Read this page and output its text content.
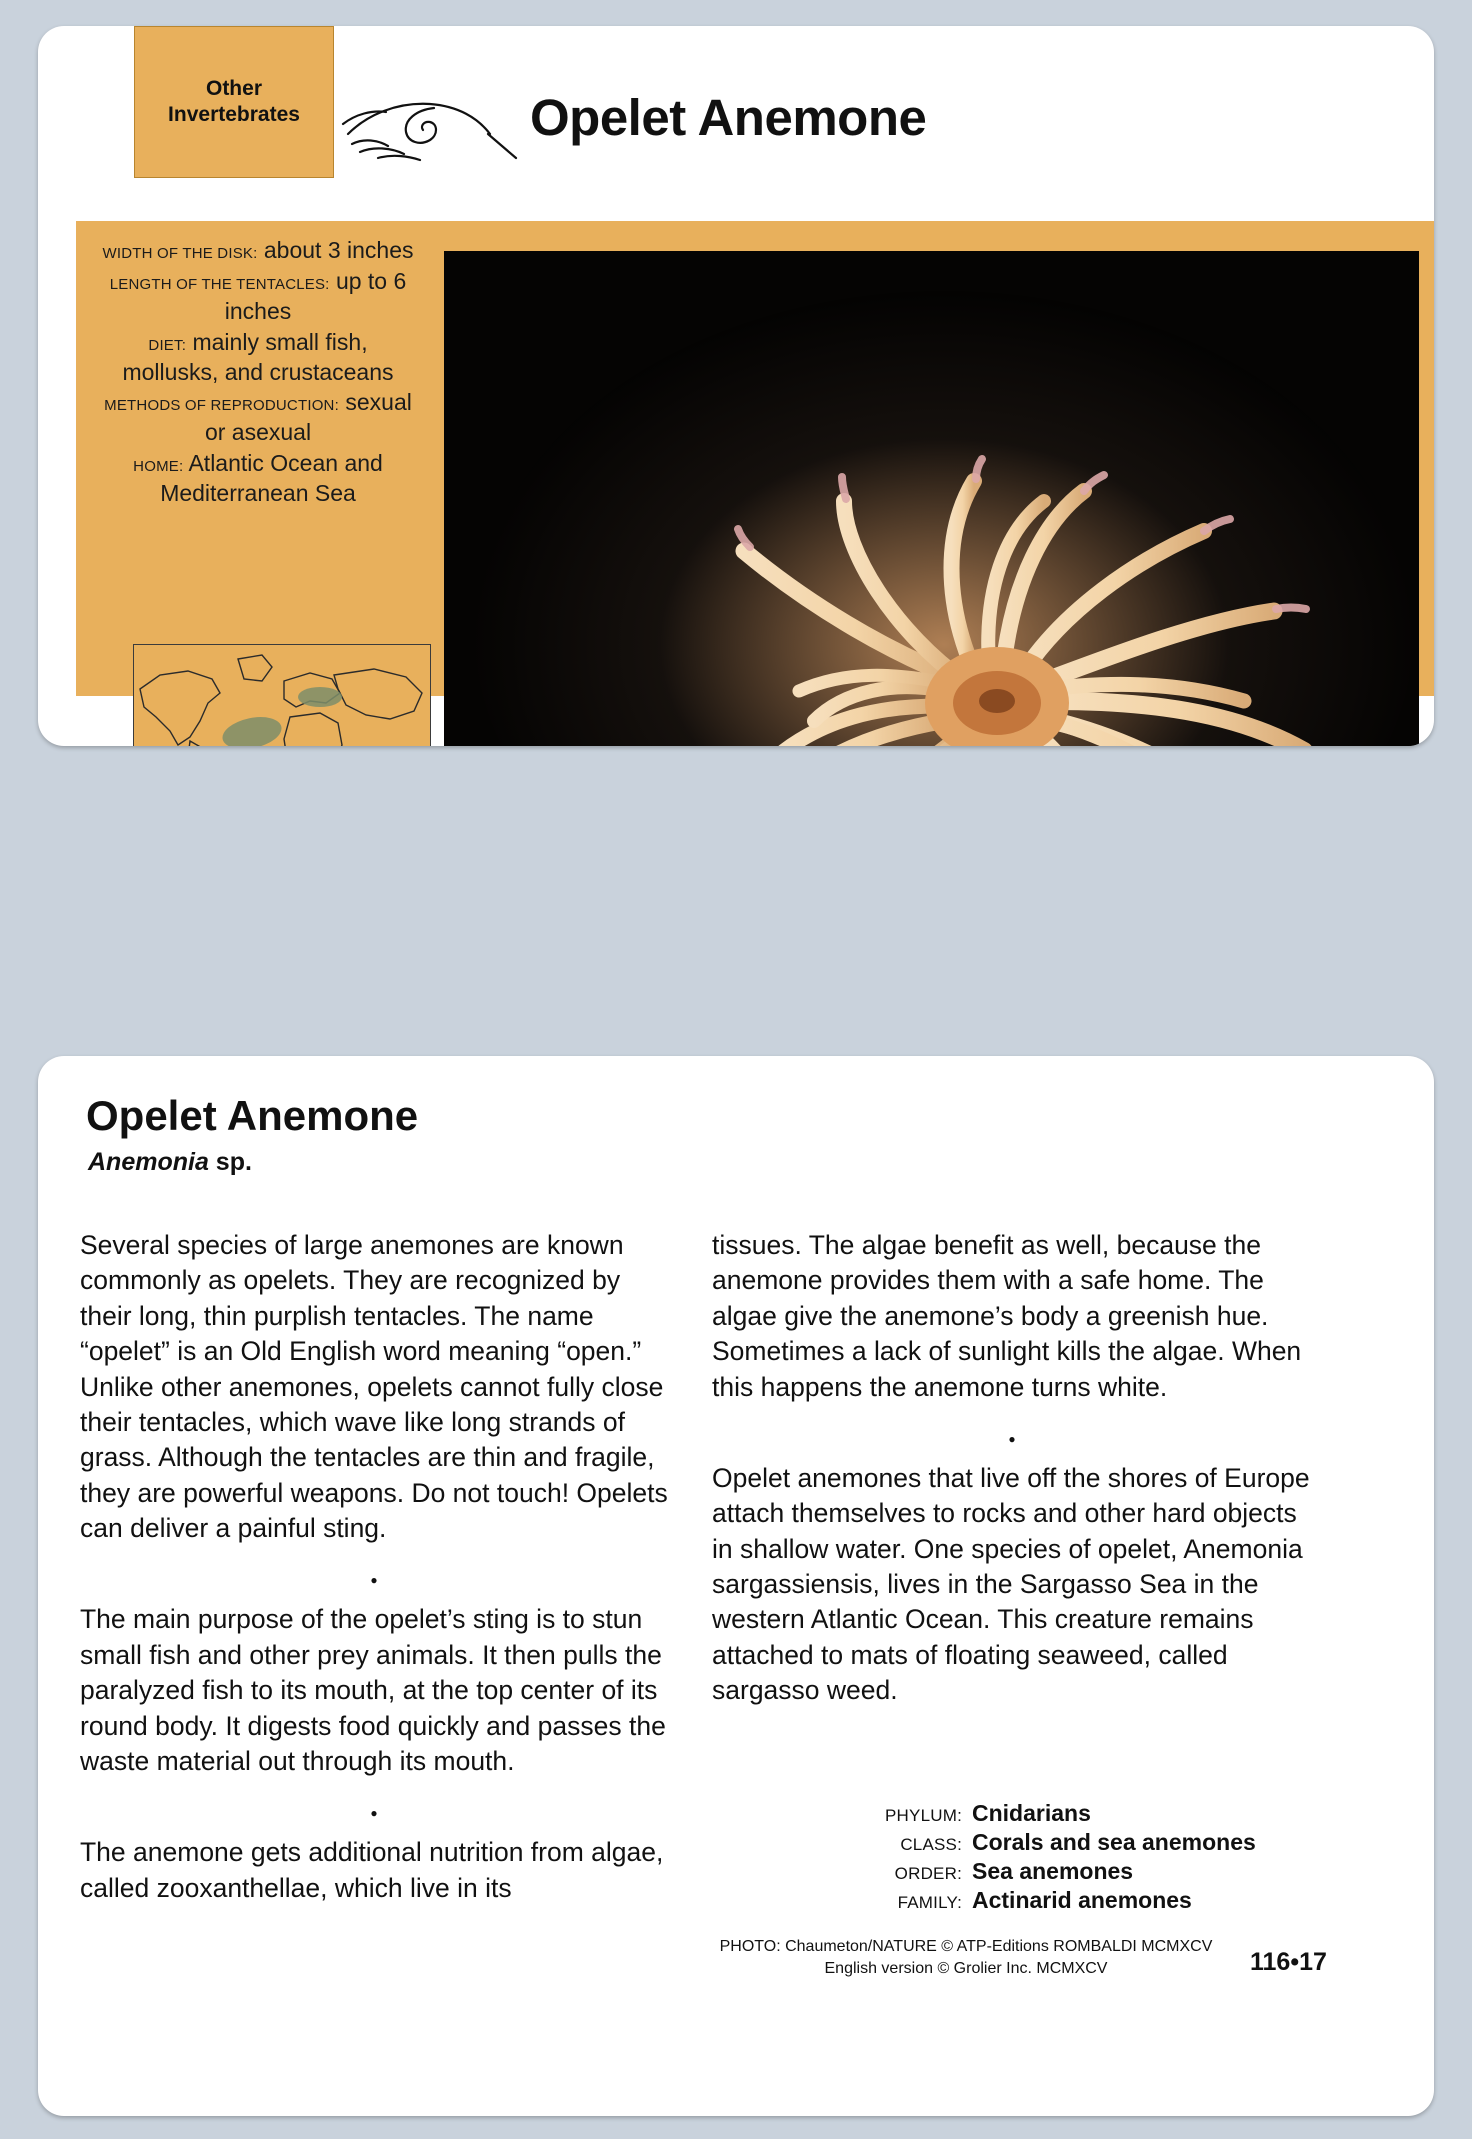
Other
Invertebrates	Opelet Anemone
WIDTH OF THE DISK: about 3 inches
LENGTH OF THE TENTACLES: up to 6 inches
DIET: mainly small fish, mollusks, and crustaceans
METHODS OF REPRODUCTION: sexual or asexual
HOME: Atlantic Ocean and Mediterranean Sea
Opelet Anemone
Anemonia sp.

Several species of large anemones are known commonly as opelets. They are recognized by their long, thin purplish tentacles. The name “opelet” is an Old English word meaning “open.” Unlike other anemones, opelets cannot fully close their tentacles, which wave like long strands of grass. Although the tentacles are thin and fragile, they are powerful weapons. Do not touch! Opelets can deliver a painful sting.

●

The main purpose of the opelet’s sting is to stun small fish and other prey animals. It then pulls the paralyzed fish to its mouth, at the top center of its round body. It digests food quickly and passes the waste material out through its mouth.

●

The anemone gets additional nutrition from algae, called zooxanthellae, which live in its

tissues. The algae benefit as well, because the anemone provides them with a safe home. The algae give the anemone’s body a greenish hue. Sometimes a lack of sunlight kills the algae. When this happens the anemone turns white.

●

Opelet anemones that live off the shores of Europe attach themselves to rocks and other hard objects in shallow water. One species of opelet, Anemonia sargassiensis, lives in the Sargasso Sea in the western Atlantic Ocean. This creature remains attached to mats of floating seaweed, called sargasso weed.

PHYLUM: Cnidarians
CLASS: Corals and sea anemones
ORDER: Sea anemones
FAMILY: Actinarid anemones
PHOTO: Chaumeton/NATURE © ATP-Editions ROMBALDI MCMXCV
English version © Grolier Inc. MCMXCV	116•17
